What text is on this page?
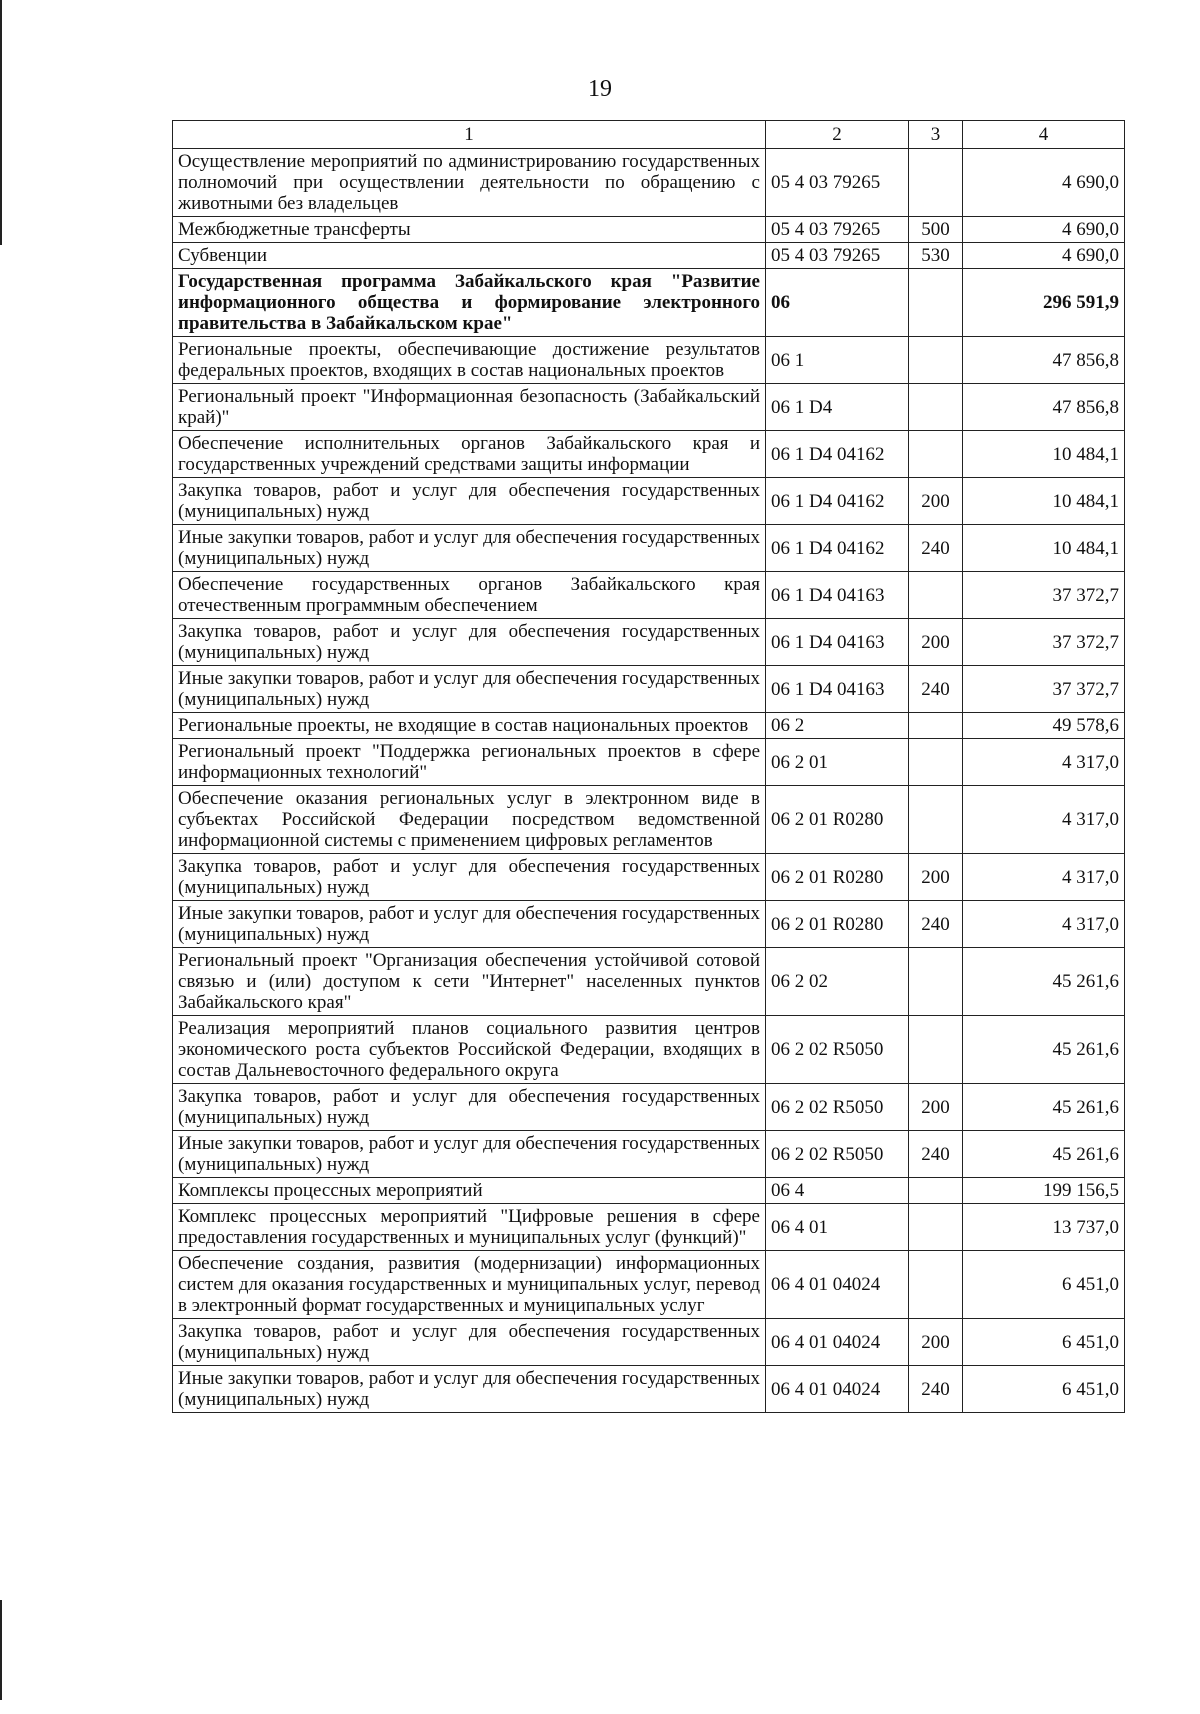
19
1	2	3	4
Осуществление мероприятий по администрированию государственных полномочий при осуществлении деятельности по обращению с животными без владельцев	05 4 03 79265		4 690,0
Межбюджетные трансферты	05 4 03 79265	500	4 690,0
Субвенции	05 4 03 79265	530	4 690,0
Государственная программа Забайкальского края "Развитие информационного общества и формирование электронного правительства в Забайкальском крае"	06		296 591,9
Региональные проекты, обеспечивающие достижение результатов федеральных проектов, входящих в состав национальных проектов	06 1		47 856,8
Региональный проект "Информационная безопасность (Забайкальский край)"	06 1 D4		47 856,8
Обеспечение исполнительных органов Забайкальского края и государственных учреждений средствами защиты информации	06 1 D4 04162		10 484,1
Закупка товаров, работ и услуг для обеспечения государственных (муниципальных) нужд	06 1 D4 04162	200	10 484,1
Иные закупки товаров, работ и услуг для обеспечения государственных (муниципальных) нужд	06 1 D4 04162	240	10 484,1
Обеспечение государственных органов Забайкальского края отечественным программным обеспечением	06 1 D4 04163		37 372,7
Закупка товаров, работ и услуг для обеспечения государственных (муниципальных) нужд	06 1 D4 04163	200	37 372,7
Иные закупки товаров, работ и услуг для обеспечения государственных (муниципальных) нужд	06 1 D4 04163	240	37 372,7
Региональные проекты, не входящие в состав национальных проектов	06 2		49 578,6
Региональный проект "Поддержка региональных проектов в сфере информационных технологий"	06 2 01		4 317,0
Обеспечение оказания региональных услуг в электронном виде в субъектах Российской Федерации посредством ведомственной информационной системы с применением цифровых регламентов	06 2 01 R0280		4 317,0
Закупка товаров, работ и услуг для обеспечения государственных (муниципальных) нужд	06 2 01 R0280	200	4 317,0
Иные закупки товаров, работ и услуг для обеспечения государственных (муниципальных) нужд	06 2 01 R0280	240	4 317,0
Региональный проект "Организация обеспечения устойчивой сотовой связью и (или) доступом к сети "Интернет" населенных пунктов Забайкальского края"	06 2 02		45 261,6
Реализация мероприятий планов социального развития центров экономического роста субъектов Российской Федерации, входящих в состав Дальневосточного федерального округа	06 2 02 R5050		45 261,6
Закупка товаров, работ и услуг для обеспечения государственных (муниципальных) нужд	06 2 02 R5050	200	45 261,6
Иные закупки товаров, работ и услуг для обеспечения государственных (муниципальных) нужд	06 2 02 R5050	240	45 261,6
Комплексы процессных мероприятий	06 4		199 156,5
Комплекс процессных мероприятий "Цифровые решения в сфере предоставления государственных и муниципальных услуг (функций)"	06 4 01		13 737,0
Обеспечение создания, развития (модернизации) информационных систем для оказания государственных и муниципальных услуг, перевод в электронный формат государственных и муниципальных услуг	06 4 01 04024		6 451,0
Закупка товаров, работ и услуг для обеспечения государственных (муниципальных) нужд	06 4 01 04024	200	6 451,0
Иные закупки товаров, работ и услуг для обеспечения государственных (муниципальных) нужд	06 4 01 04024	240	6 451,0
